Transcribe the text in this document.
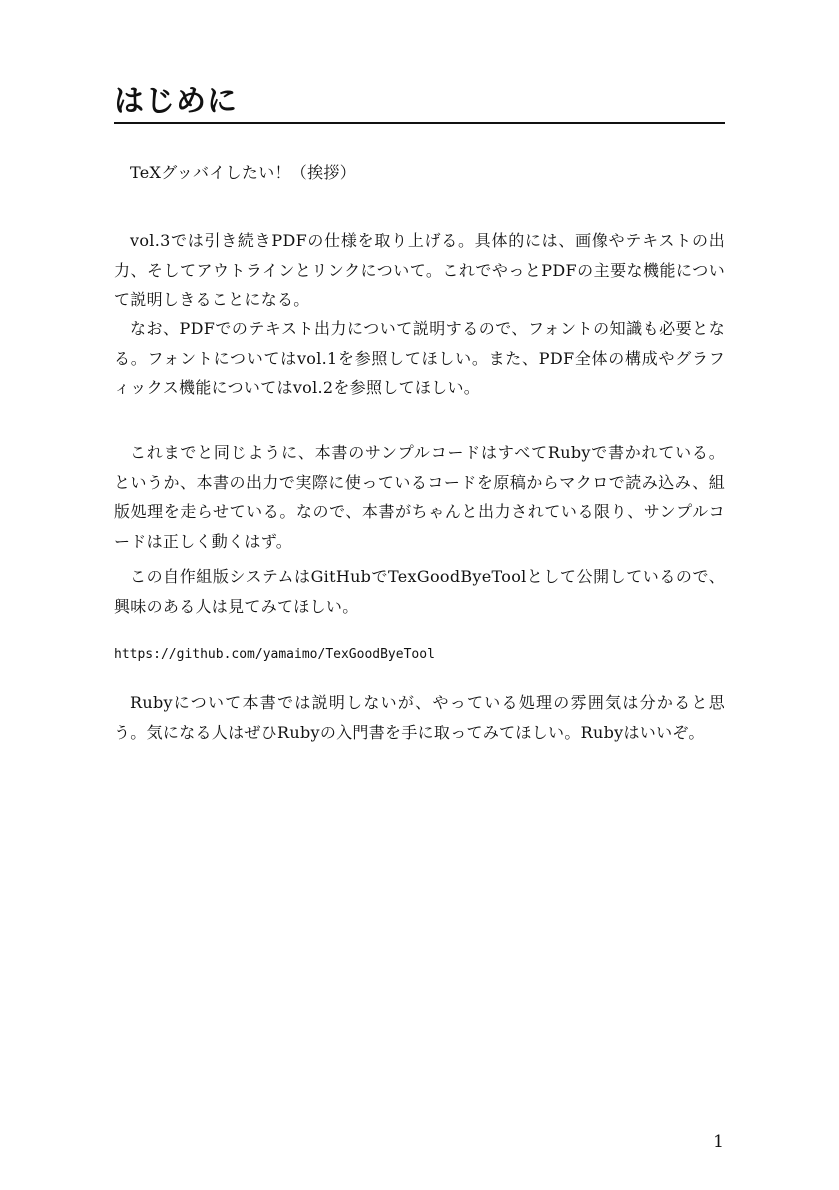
はじめに

TeXグッバイしたい！（挨拶）

vol.3では引き続きPDFの仕様を取り上げる。具体的には、画像やテキストの出力、そしてアウトラインとリンクについて。これでやっとPDFの主要な機能について説明しきることになる。

なお、PDFでのテキスト出力について説明するので、フォントの知識も必要となる。フォントについてはvol.1を参照してほしい。また、PDF全体の構成やグラフィックス機能についてはvol.2を参照してほしい。

これまでと同じように、本書のサンプルコードはすべてRubyで書かれている。というか、本書の出力で実際に使っているコードを原稿からマクロで読み込み、組版処理を走らせている。なので、本書がちゃんと出力されている限り、サンプルコードは正しく動くはず。

この自作組版システムはGitHubでTexGoodByeToolとして公開しているので、興味のある人は見てみてほしい。

https://github.com/yamaimo/TexGoodByeTool

Rubyについて本書では説明しないが、やっている処理の雰囲気は分かると思う。気になる人はぜひRubyの入門書を手に取ってみてほしい。Rubyはいいぞ。

1
